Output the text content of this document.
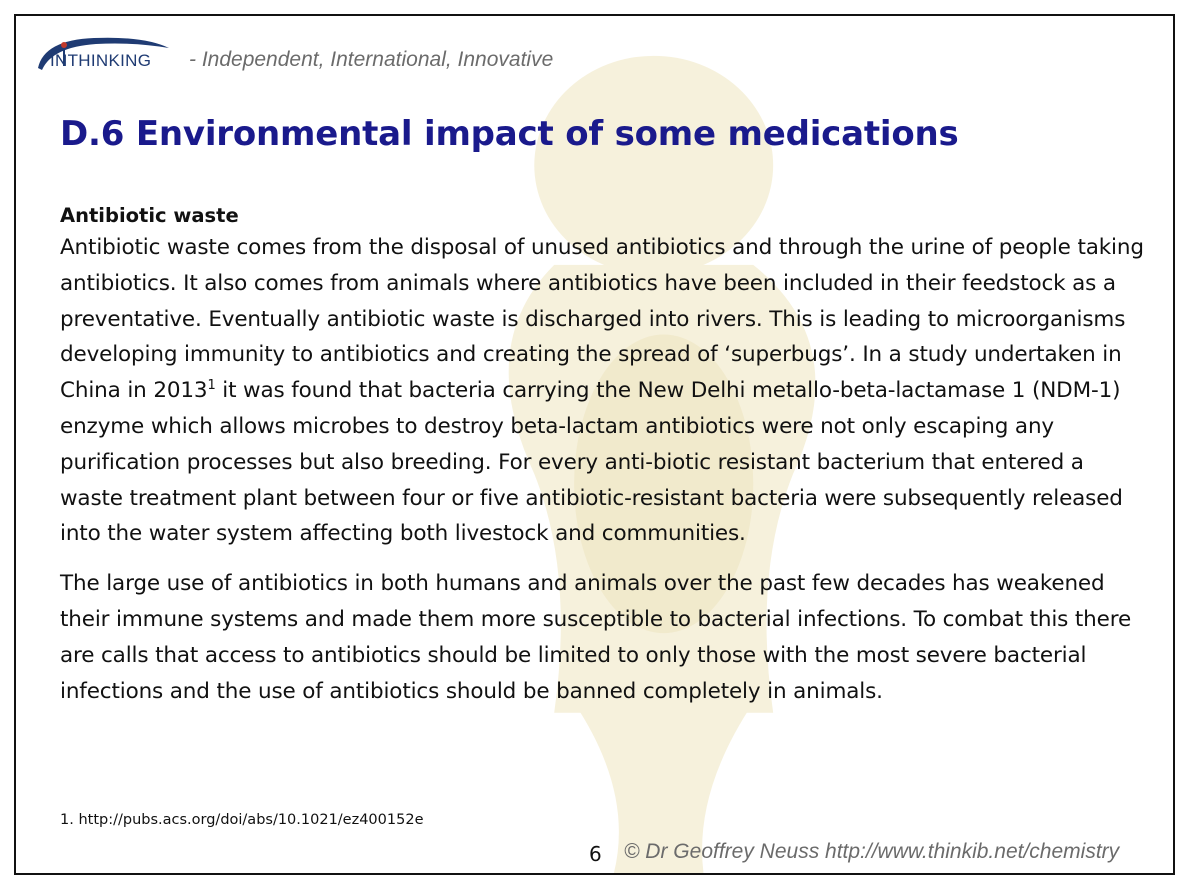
INTHINKING - Independent, International, Innovative
D.6 Environmental impact of some medications

Antibiotic waste

Antibiotic waste comes from the disposal of unused antibiotics and through the urine of people taking antibiotics. It also comes from animals where antibiotics have been included in their feedstock as a preventative. Eventually antibiotic waste is discharged into rivers. This is leading to microorganisms developing immunity to antibiotics and creating the spread of ‘superbugs’. In a study undertaken in China in 2013$^1$ it was found that bacteria carrying the New Delhi metallo-beta-lactamase 1 (NDM-1) enzyme which allows microbes to destroy beta-lactam antibiotics were not only escaping any purification processes but also breeding. For every anti-biotic resistant bacterium that entered a waste treatment plant between four or five antibiotic-resistant bacteria were subsequently released into the water system affecting both livestock and communities.

The large use of antibiotics in both humans and animals over the past few decades has weakened their immune systems and made them more susceptible to bacterial infections. To combat this there are calls that access to antibiotics should be limited to only those with the most severe bacterial infections and the use of antibiotics should be banned completely in animals.

1. http://pubs.acs.org/doi/abs/10.1021/ez400152e
6 © Dr Geoffrey Neuss http://www.thinkib.net/chemistry
